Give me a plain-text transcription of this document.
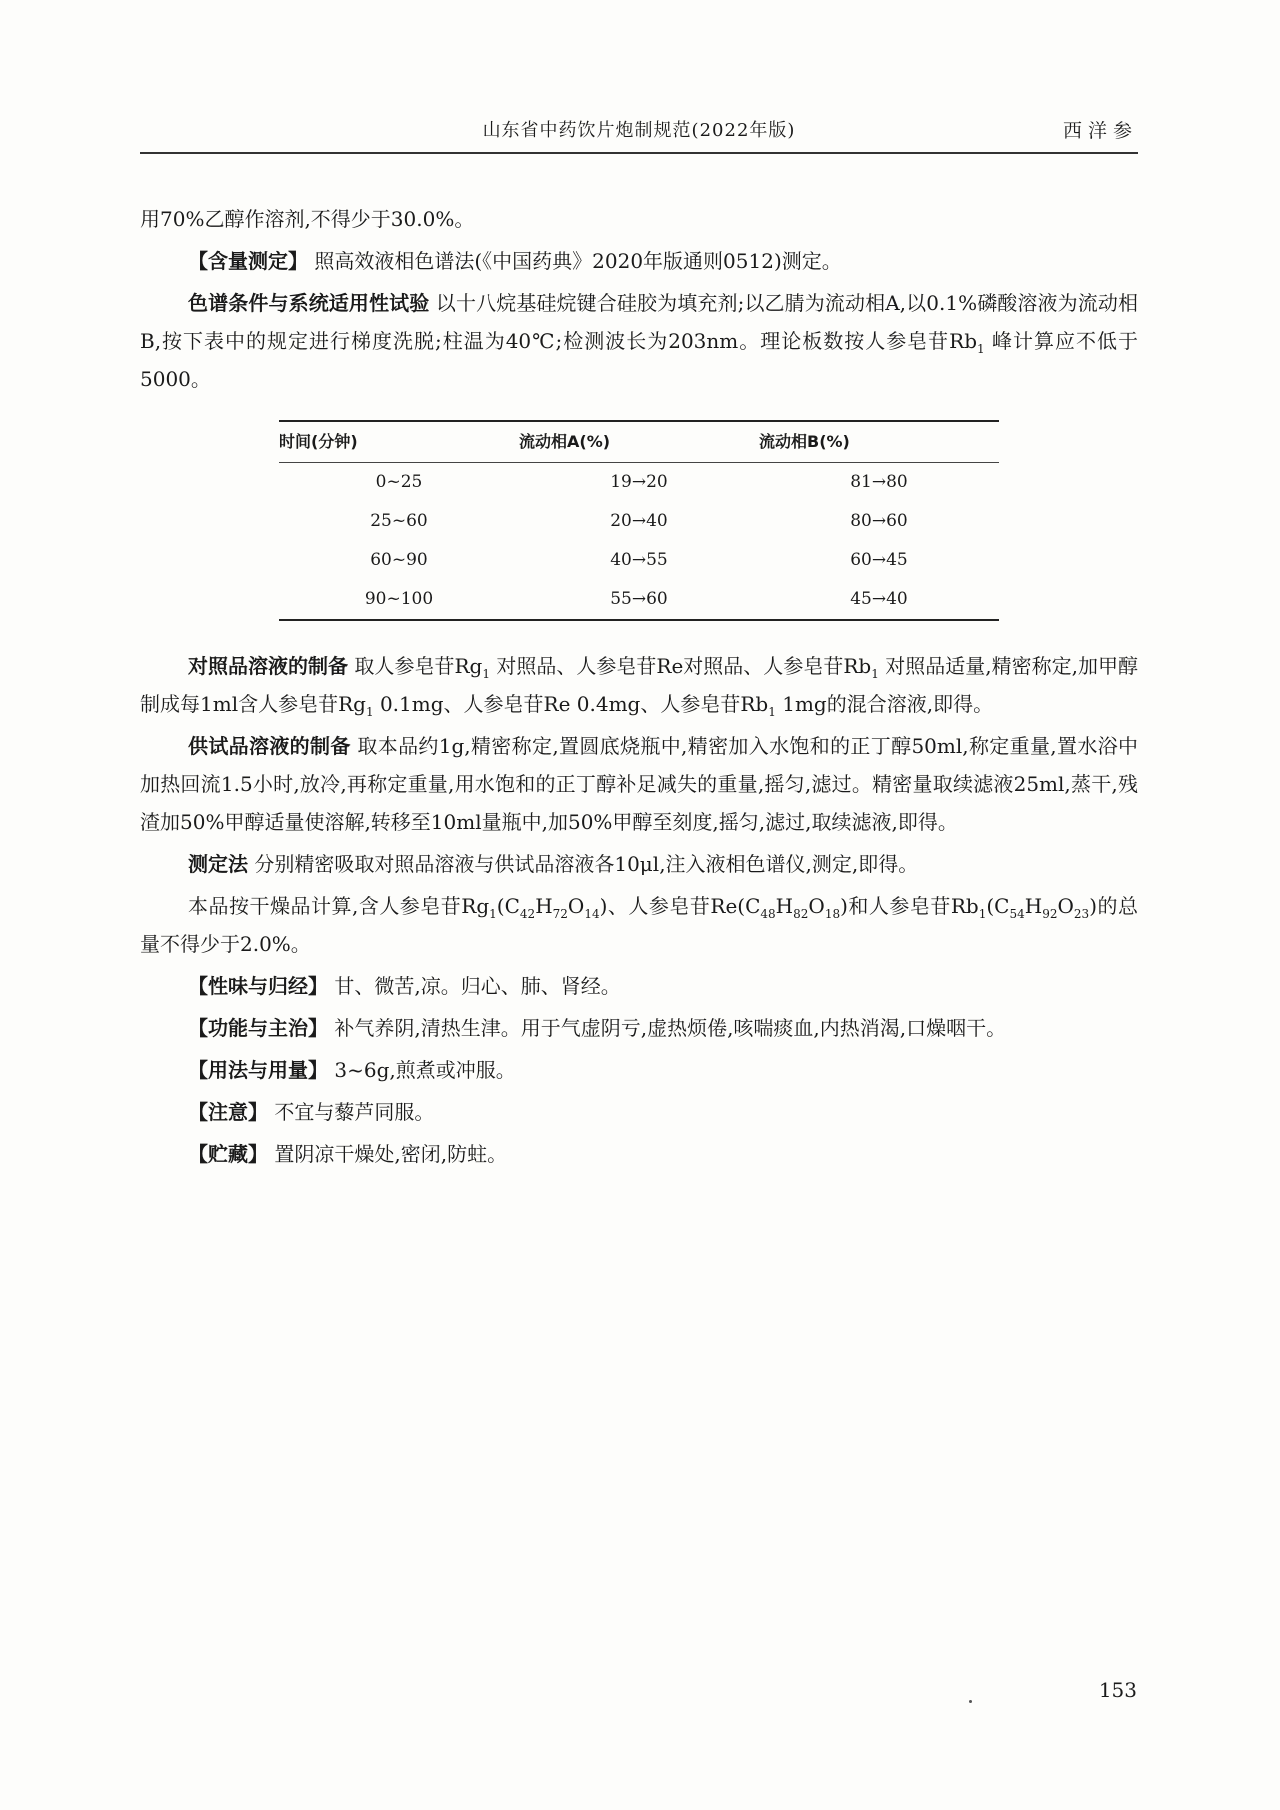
山东省中药饮片炮制规范(2022年版)	西洋参

用70%乙醇作溶剂,不得少于30.0%。

【含量测定】 照高效液相色谱法(《中国药典》2020年版通则0512)测定。

色谱条件与系统适用性试验 以十八烷基硅烷键合硅胶为填充剂;以乙腈为流动相A,以0.1%磷酸溶液为流动相B,按下表中的规定进行梯度洗脱;柱温为40℃;检测波长为203nm。理论板数按人参皂苷$Rb_1$ 峰计算应不低于5000。

时间(分钟)	流动相A(%)	流动相B(%)
0~25	19→20	81→80
25~60	20→40	80→60
60~90	40→55	60→45
90~100	55→60	45→40

对照品溶液的制备 取人参皂苷$Rg_1$ 对照品、人参皂苷Re对照品、人参皂苷$Rb_1$ 对照品适量,精密称定,加甲醇制成每1ml含人参皂苷$Rg_1$ 0.1mg、人参皂苷Re 0.4mg、人参皂苷$Rb_1$ 1mg的混合溶液,即得。

供试品溶液的制备 取本品约1g,精密称定,置圆底烧瓶中,精密加入水饱和的正丁醇50ml,称定重量,置水浴中加热回流1.5小时,放冷,再称定重量,用水饱和的正丁醇补足减失的重量,摇匀,滤过。精密量取续滤液25ml,蒸干,残渣加50%甲醇适量使溶解,转移至10ml量瓶中,加50%甲醇至刻度,摇匀,滤过,取续滤液,即得。

测定法 分别精密吸取对照品溶液与供试品溶液各10μl,注入液相色谱仪,测定,即得。

本品按干燥品计算,含人参皂苷$Rg_1(C_{42}H_{72}O_{14})$、人参皂苷$Re(C_{48}H_{82}O_{18})$和人参皂苷$Rb_1(C_{54}H_{92}O_{23})$的总量不得少于2.0%。

【性味与归经】 甘、微苦,凉。归心、肺、肾经。

【功能与主治】 补气养阴,清热生津。用于气虚阴亏,虚热烦倦,咳喘痰血,内热消渴,口燥咽干。

【用法与用量】 3~6g,煎煮或冲服。

【注意】 不宜与藜芦同服。

【贮藏】 置阴凉干燥处,密闭,防蛀。

153
